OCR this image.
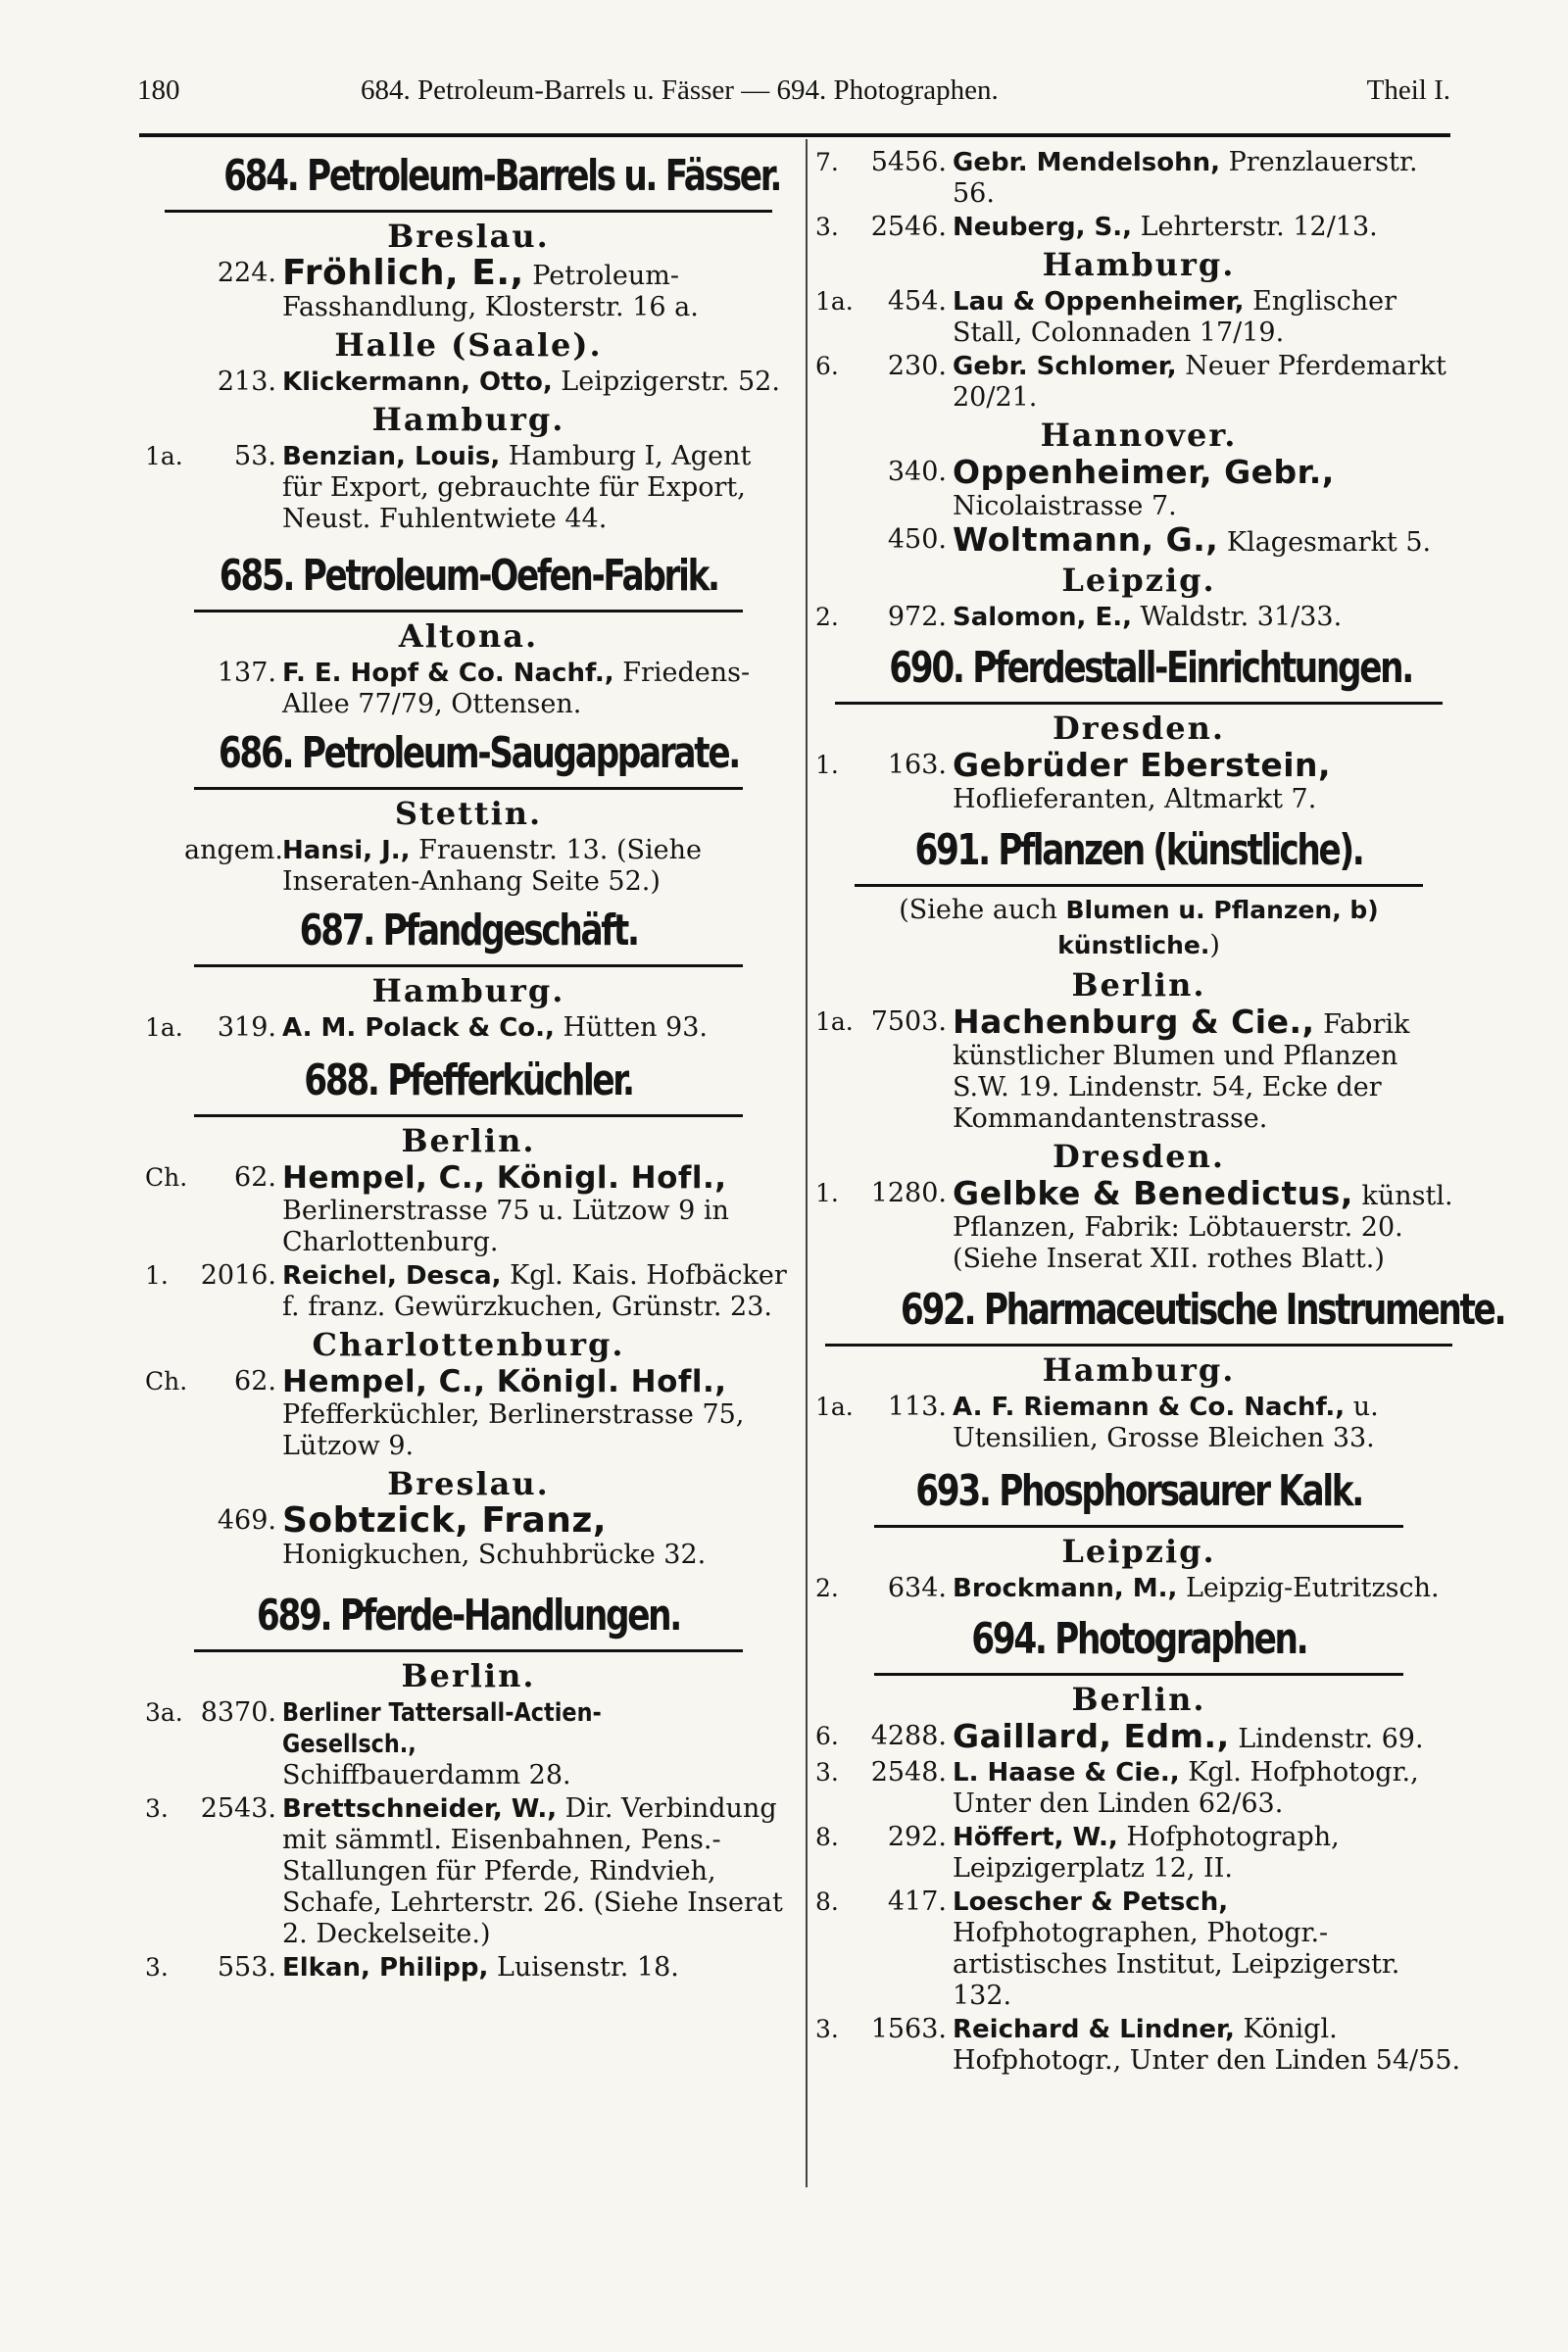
180	684. Petroleum-Barrels u. Fässer — 694. Photographen.	Theil I.
684. Petroleum-Barrels u. Fässer.
Breslau.
224. Fröhlich, E., Petroleum-Fasshandlung, Klosterstr. 16 a.
Halle (Saale).
213. Klickermann, Otto, Leipzigerstr. 52.
Hamburg.
1a.	53. Benzian, Louis, Hamburg I, Agent für Export, gebrauchte für Export, Neust. Fuhlentwiete 44.
685. Petroleum-Oefen-Fabrik.
Altona.
137. F. E. Hopf & Co. Nachf., Friedens-Allee 77/79, Ottensen.
686. Petroleum-Saugapparate.
Stettin.
angem. Hansi, J., Frauenstr. 13. (Siehe Inseraten-Anhang Seite 52.)
687. Pfandgeschäft.
Hamburg.
1a.	319. A. M. Polack & Co., Hütten 93.
688. Pfefferküchler.
Berlin.
Ch.	62. Hempel, C., Königl. Hofl., Berlinerstrasse 75 u. Lützow 9 in Charlottenburg.
1.	2016. Reichel, Desca, Kgl. Kais. Hofbäcker f. franz. Gewürzkuchen, Grünstr. 23.
Charlottenburg.
Ch.	62. Hempel, C., Königl. Hofl., Pfefferküchler, Berlinerstrasse 75, Lützow 9.
Breslau.
469. Sobtzick, Franz, Honigkuchen, Schuhbrücke 32.
689. Pferde-Handlungen.
Berlin.
3a. 8370. Berliner Tattersall-Actien-Gesellsch., Schiffbauerdamm 28.
3.	2543. Brettschneider, W., Dir. Verbindung mit sämmtl. Eisenbahnen, Pens.-Stallungen für Pferde, Rindvieh, Schafe, Lehrterstr. 26. (Siehe Inserat 2. Deckelseite.)
3.	553. Elkan, Philipp, Luisenstr. 18.
7.	5456. Gebr. Mendelsohn, Prenzlauerstr. 56.
3.	2546. Neuberg, S., Lehrterstr. 12/13.
Hamburg.
1a.	454. Lau & Oppenheimer, Englischer Stall, Colonnaden 17/19.
6.	230. Gebr. Schlomer, Neuer Pferdemarkt 20/21.
Hannover.
340. Oppenheimer, Gebr., Nicolaistrasse 7.
450. Woltmann, G., Klagesmarkt 5.
Leipzig.
2.	972. Salomon, E., Waldstr. 31/33.
690. Pferdestall-Einrichtungen.
Dresden.
1.	163. Gebrüder Eberstein, Hoflieferanten, Altmarkt 7.
691. Pflanzen (künstliche).
(Siehe auch Blumen u. Pflanzen, b) künstliche.)
Berlin.
1a. 7503. Hachenburg & Cie., Fabrik künstlicher Blumen und Pflanzen S.W. 19. Lindenstr. 54, Ecke der Kommandantenstrasse.
Dresden.
1.	1280. Gelbke & Benedictus, künstl. Pflanzen, Fabrik: Löbtauerstr. 20. (Siehe Inserat XII. rothes Blatt.)
692. Pharmaceutische Instrumente.
Hamburg.
1a.	113. A. F. Riemann & Co. Nachf., u. Utensilien, Grosse Bleichen 33.
693. Phosphorsaurer Kalk.
Leipzig.
2.	634. Brockmann, M., Leipzig-Eutritzsch.
694. Photographen.
Berlin.
6.	4288. Gaillard, Edm., Lindenstr. 69.
3.	2548. L. Haase & Cie., Kgl. Hofphotogr., Unter den Linden 62/63.
8.	292. Höffert, W., Hofphotograph, Leipzigerplatz 12, II.
8.	417. Loescher & Petsch, Hofphotographen, Photogr.-artistisches Institut, Leipzigerstr. 132.
3.	1563. Reichard & Lindner, Königl. Hofphotogr., Unter den Linden 54/55.
